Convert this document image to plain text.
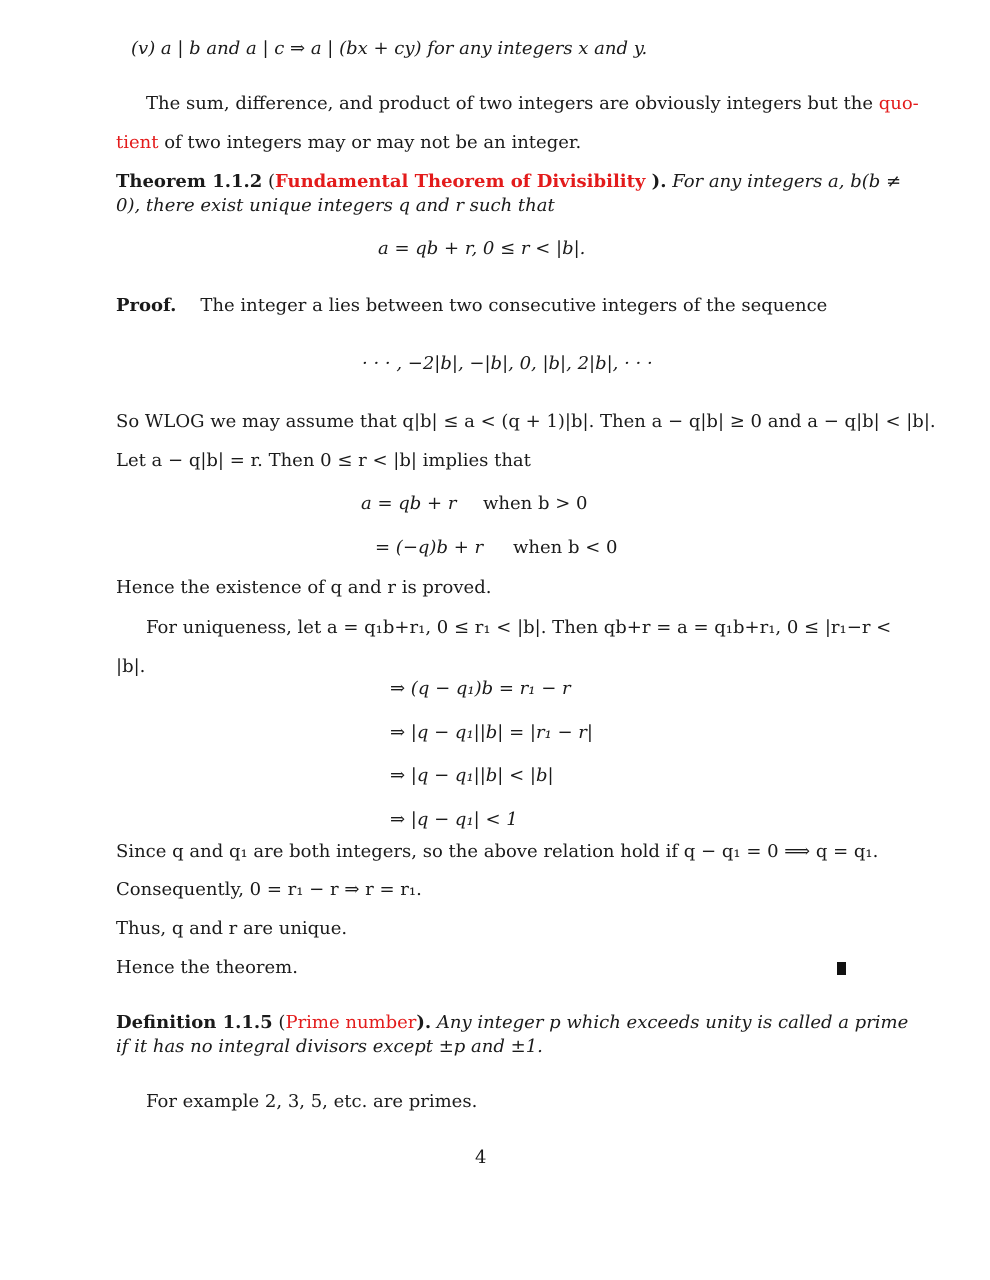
(v) a | b and a | c ⇒ a | (bx + cy) for any integers x and y.
The sum, difference, and product of two integers are obviously integers but the quo-
tient of two integers may or may not be an integer.
Theorem 1.1.2 (Fundamental Theorem of Divisibility ). For any integers a, b(b ≠
0), there exist unique integers q and r such that
a = qb + r, 0 ≤ r < |b|.
Proof. The integer a lies between two consecutive integers of the sequence
· · · , −2|b|, −|b|, 0, |b|, 2|b|, · · ·
So WLOG we may assume that q|b| ≤ a < (q + 1)|b|. Then a − q|b| ≥ 0 and a − q|b| < |b|.
Let a − q|b| = r. Then 0 ≤ r < |b| implies that
a = qb + r when b > 0
= (−q)b + r when b < 0
Hence the existence of q and r is proved.
For uniqueness, let a = q₁b+r₁, 0 ≤ r₁ < |b|. Then qb+r = a = q₁b+r₁, 0 ≤ |r₁−r <
|b|.
⇒ (q − q₁)b = r₁ − r
⇒ |q − q₁||b| = |r₁ − r|
⇒ |q − q₁||b| < |b|
⇒ |q − q₁| < 1
Since q and q₁ are both integers, so the above relation hold if q − q₁ = 0 ⟹ q = q₁.
Consequently, 0 = r₁ − r ⇒ r = r₁.
Thus, q and r are unique.
Hence the theorem.
Definition 1.1.5 (Prime number). Any integer p which exceeds unity is called a prime
if it has no integral divisors except ±p and ±1.
For example 2, 3, 5, etc. are primes.
4
